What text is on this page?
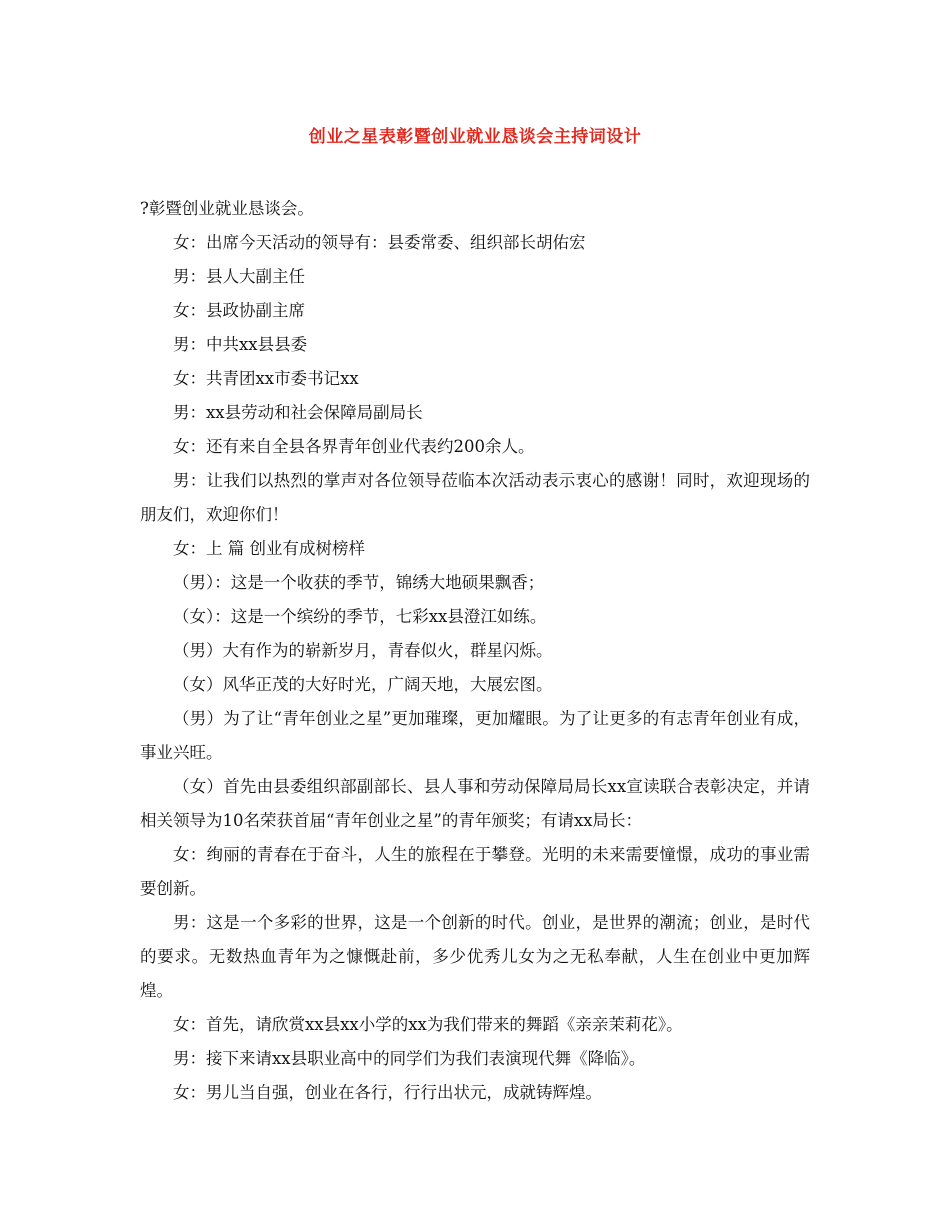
创业之星表彰暨创业就业恳谈会主持词设计

?彰暨创业就业恳谈会。

女：出席今天活动的领导有：县委常委、组织部长胡佑宏

男：县人大副主任

女：县政协副主席

男：中共xx县县委

女：共青团xx市委书记xx

男：xx县劳动和社会保障局副局长

女：还有来自全县各界青年创业代表约200余人。

男：让我们以热烈的掌声对各位领导莅临本次活动表示衷心的感谢！同时，欢迎现场的朋友们，欢迎你们！

女：上 篇 创业有成树榜样

（男）：这是一个收获的季节，锦绣大地硕果飘香；

（女）：这是一个缤纷的季节，七彩xx县澄江如练。

（男）大有作为的崭新岁月，青春似火，群星闪烁。

（女）风华正茂的大好时光，广阔天地，大展宏图。

（男）为了让“青年创业之星”更加璀璨，更加耀眼。为了让更多的有志青年创业有成，事业兴旺。

（女）首先由县委组织部副部长、县人事和劳动保障局局长xx宣读联合表彰决定，并请相关领导为10名荣获首届“青年创业之星”的青年颁奖；有请xx局长：

女：绚丽的青春在于奋斗，人生的旅程在于攀登。光明的未来需要憧憬，成功的事业需要创新。

男：这是一个多彩的世界，这是一个创新的时代。创业，是世界的潮流；创业，是时代的要求。无数热血青年为之慷慨赴前，多少优秀儿女为之无私奉献，人生在创业中更加辉煌。

女：首先，请欣赏xx县xx小学的xx为我们带来的舞蹈《亲亲茉莉花》。

男：接下来请xx县职业高中的同学们为我们表演现代舞《降临》。

女：男儿当自强，创业在各行，行行出状元，成就铸辉煌。
